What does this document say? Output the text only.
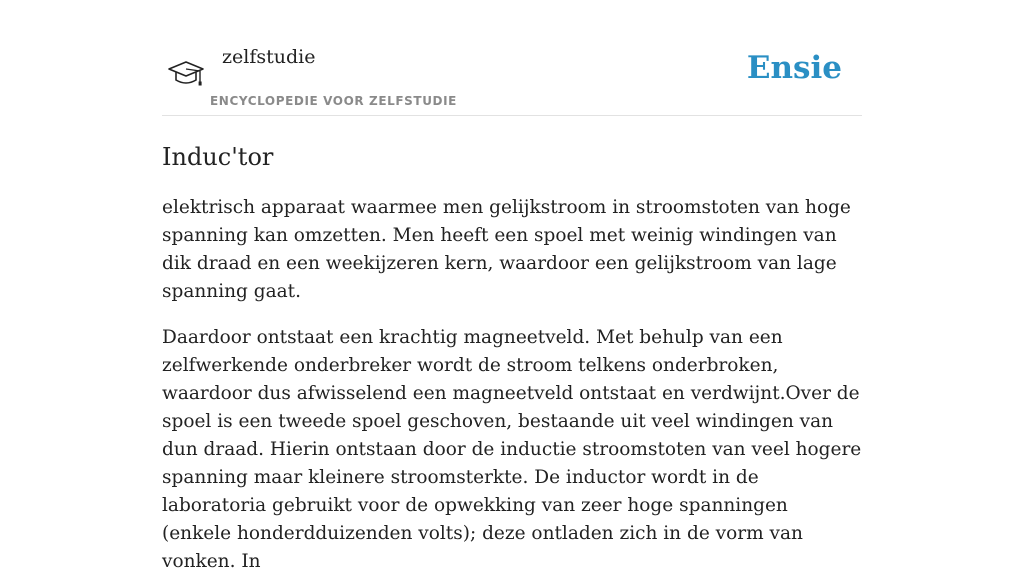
zelfstudie
ENCYCLOPEDIE VOOR ZELFSTUDIE
Ensie
Induc'tor

elektrisch apparaat waarmee men gelijkstroom in stroomstoten van hoge spanning kan omzetten. Men heeft een spoel met weinig windingen van dik draad en een weekijzeren kern, waardoor een gelijkstroom van lage spanning gaat.

Daardoor ontstaat een krachtig magneetveld. Met behulp van een zelfwerkende onderbreker wordt de stroom telkens onderbroken, waardoor dus afwisselend een magneetveld ontstaat en verdwijnt.Over de spoel is een tweede spoel geschoven, bestaande uit veel windingen van dun draad. Hierin ontstaan door de inductie stroomstoten van veel hogere spanning maar kleinere stroomsterkte. De inductor wordt in de laboratoria gebruikt voor de opwekking van zeer hoge spanningen (enkele honderdduizenden volts); deze ontladen zich in de vorm van vonken. In
